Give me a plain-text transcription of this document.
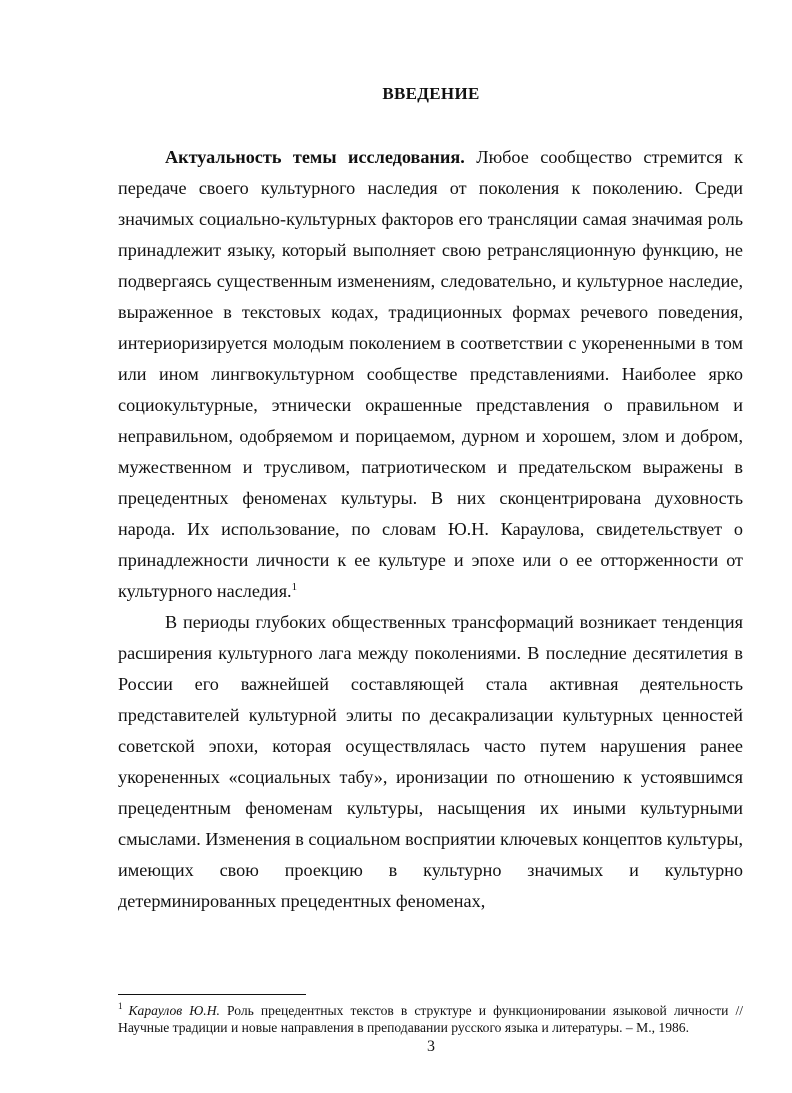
ВВЕДЕНИЕ

Актуальность темы исследования. Любое сообщество стремится к передаче своего культурного наследия от поколения к поколению. Среди значимых социально-культурных факторов его трансляции самая значимая роль принадлежит языку, который выполняет свою ретрансляционную функцию, не подвергаясь существенным изменениям, следовательно, и культурное наследие, выраженное в текстовых кодах, традиционных формах речевого поведения, интериоризируется молодым поколением в соответствии с укорененными в том или ином лингвокультурном сообществе представлениями. Наиболее ярко социокультурные, этнически окрашенные представления о правильном и неправильном, одобряемом и порицаемом, дурном и хорошем, злом и добром, мужественном и трусливом, патриотическом и предательском выражены в прецедентных феноменах культуры. В них сконцентрирована духовность народа. Их использование, по словам Ю.Н. Караулова, свидетельствует о принадлежности личности к ее культуре и эпохе или о ее отторженности от культурного наследия.$^1$

В периоды глубоких общественных трансформаций возникает тенденция расширения культурного лага между поколениями. В последние десятилетия в России его важнейшей составляющей стала активная деятельность представителей культурной элиты по десакрализации культурных ценностей советской эпохи, которая осуществлялась часто путем нарушения ранее укорененных «социальных табу», иронизации по отношению к устоявшимся прецедентным феноменам культуры, насыщения их иными культурными смыслами. Изменения в социальном восприятии ключевых концептов культуры, имеющих свою проекцию в культурно значимых и культурно детерминированных прецедентных феноменах,

$^1$ Караулов Ю.Н. Роль прецедентных текстов в структуре и функционировании языковой личности // Научные традиции и новые направления в преподавании русского языка и литературы. – М., 1986.
3
